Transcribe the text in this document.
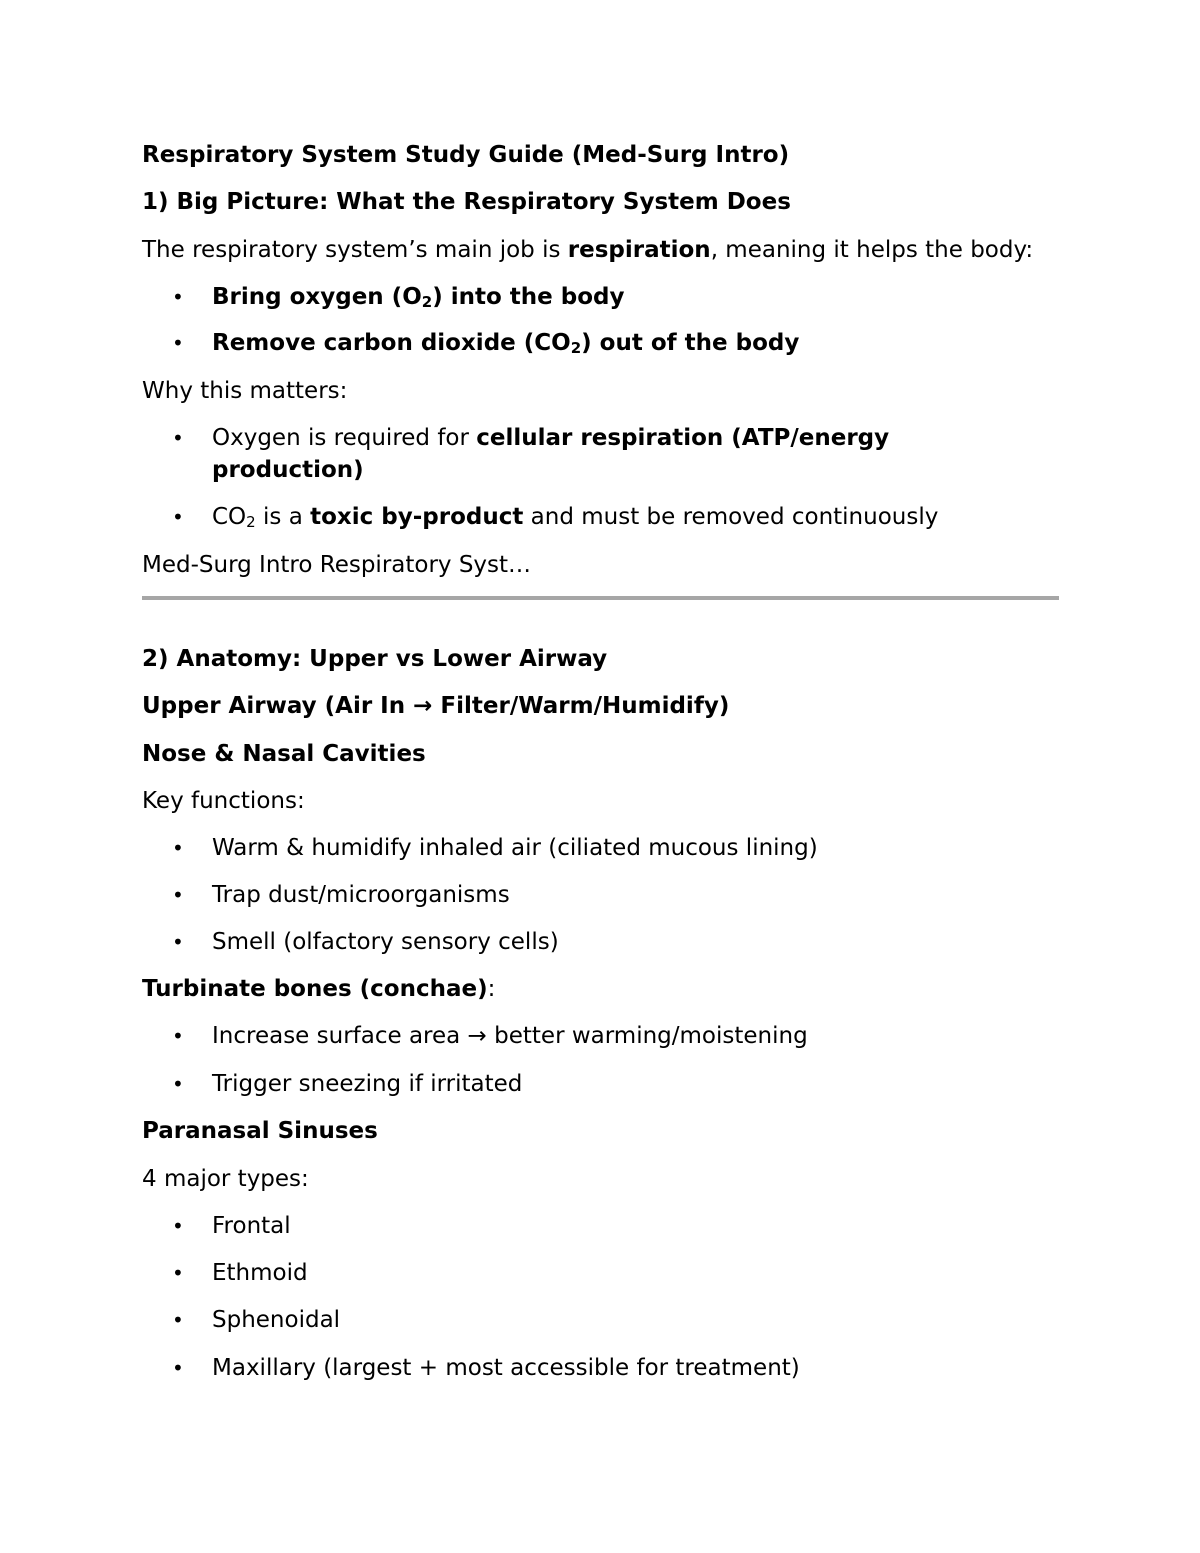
Respiratory System Study Guide (Med-Surg Intro)
1) Big Picture: What the Respiratory System Does
The respiratory system’s main job is respiration, meaning it helps the body:
• Bring oxygen $(O_2)$ into the body
• Remove carbon dioxide $(CO_2)$ out of the body
Why this matters:
• Oxygen is required for cellular respiration (ATP/energy
production)
• $CO_2$ is a toxic by-product and must be removed continuously
Med-Surg Intro Respiratory Syst…
2) Anatomy: Upper vs Lower Airway
Upper Airway (Air In → Filter/Warm/Humidify)
Nose & Nasal Cavities
Key functions:
• Warm & humidify inhaled air (ciliated mucous lining)
• Trap dust/microorganisms
• Smell (olfactory sensory cells)
Turbinate bones (conchae):
• Increase surface area → better warming/moistening
• Trigger sneezing if irritated
Paranasal Sinuses
4 major types:
• Frontal
• Ethmoid
• Sphenoidal
• Maxillary (largest + most accessible for treatment)
